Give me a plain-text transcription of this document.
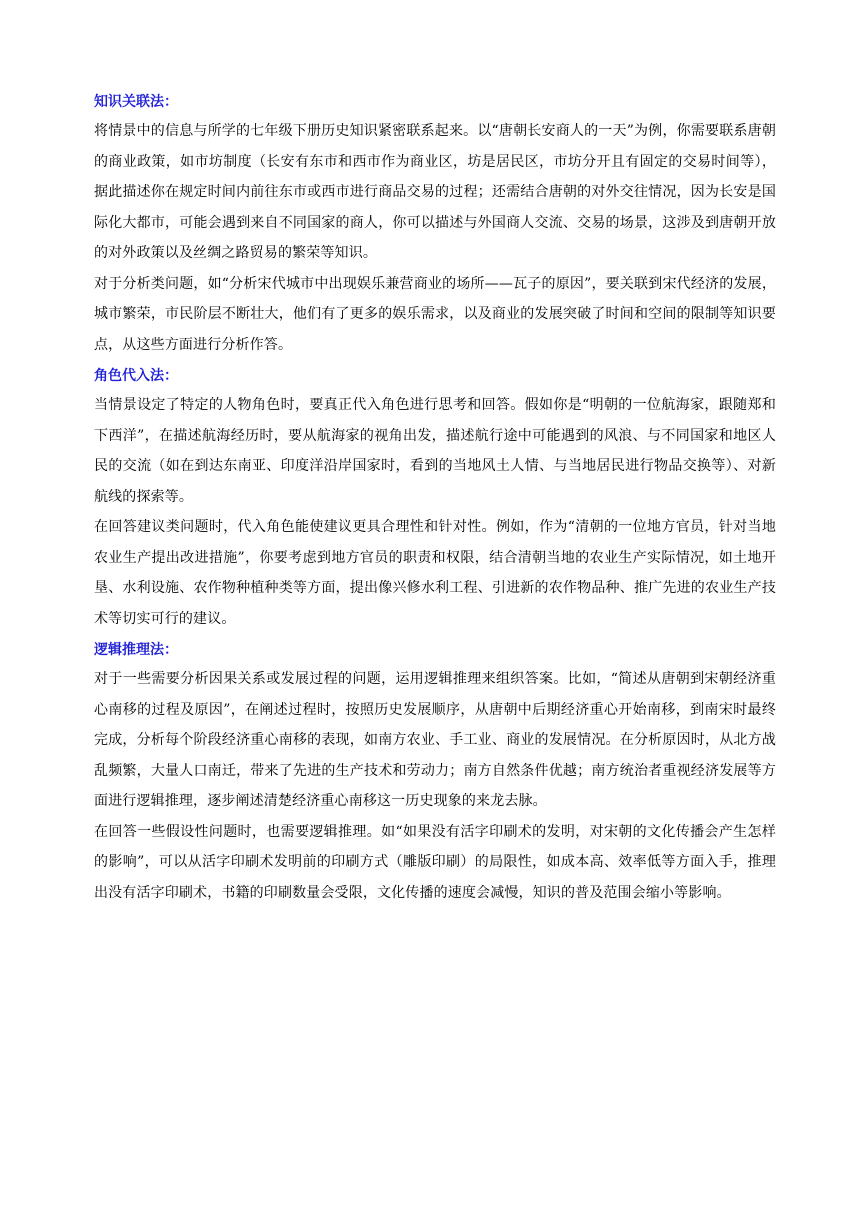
知识关联法：

将情景中的信息与所学的七年级下册历史知识紧密联系起来。以“唐朝长安商人的一天”为例，你需要联系唐朝的商业政策，如市坊制度（长安有东市和西市作为商业区，坊是居民区，市坊分开且有固定的交易时间等），据此描述你在规定时间内前往东市或西市进行商品交易的过程；还需结合唐朝的对外交往情况，因为长安是国际化大都市，可能会遇到来自不同国家的商人，你可以描述与外国商人交流、交易的场景，这涉及到唐朝开放的对外政策以及丝绸之路贸易的繁荣等知识。

对于分析类问题，如“分析宋代城市中出现娱乐兼营商业的场所——瓦子的原因”，要关联到宋代经济的发展，城市繁荣，市民阶层不断壮大，他们有了更多的娱乐需求，以及商业的发展突破了时间和空间的限制等知识要点，从这些方面进行分析作答。

角色代入法：

当情景设定了特定的人物角色时，要真正代入角色进行思考和回答。假如你是“明朝的一位航海家，跟随郑和下西洋”，在描述航海经历时，要从航海家的视角出发，描述航行途中可能遇到的风浪、与不同国家和地区人民的交流（如在到达东南亚、印度洋沿岸国家时，看到的当地风土人情、与当地居民进行物品交换等）、对新航线的探索等。

在回答建议类问题时，代入角色能使建议更具合理性和针对性。例如，作为“清朝的一位地方官员，针对当地农业生产提出改进措施”，你要考虑到地方官员的职责和权限，结合清朝当地的农业生产实际情况，如土地开垦、水利设施、农作物种植种类等方面，提出像兴修水利工程、引进新的农作物品种、推广先进的农业生产技术等切实可行的建议。

逻辑推理法：

对于一些需要分析因果关系或发展过程的问题，运用逻辑推理来组织答案。比如，“简述从唐朝到宋朝经济重心南移的过程及原因”，在阐述过程时，按照历史发展顺序，从唐朝中后期经济重心开始南移，到南宋时最终完成，分析每个阶段经济重心南移的表现，如南方农业、手工业、商业的发展情况。在分析原因时，从北方战乱频繁，大量人口南迁，带来了先进的生产技术和劳动力；南方自然条件优越；南方统治者重视经济发展等方面进行逻辑推理，逐步阐述清楚经济重心南移这一历史现象的来龙去脉。

在回答一些假设性问题时，也需要逻辑推理。如“如果没有活字印刷术的发明，对宋朝的文化传播会产生怎样的影响”，可以从活字印刷术发明前的印刷方式（雕版印刷）的局限性，如成本高、效率低等方面入手，推理出没有活字印刷术，书籍的印刷数量会受限，文化传播的速度会减慢，知识的普及范围会缩小等影响。
